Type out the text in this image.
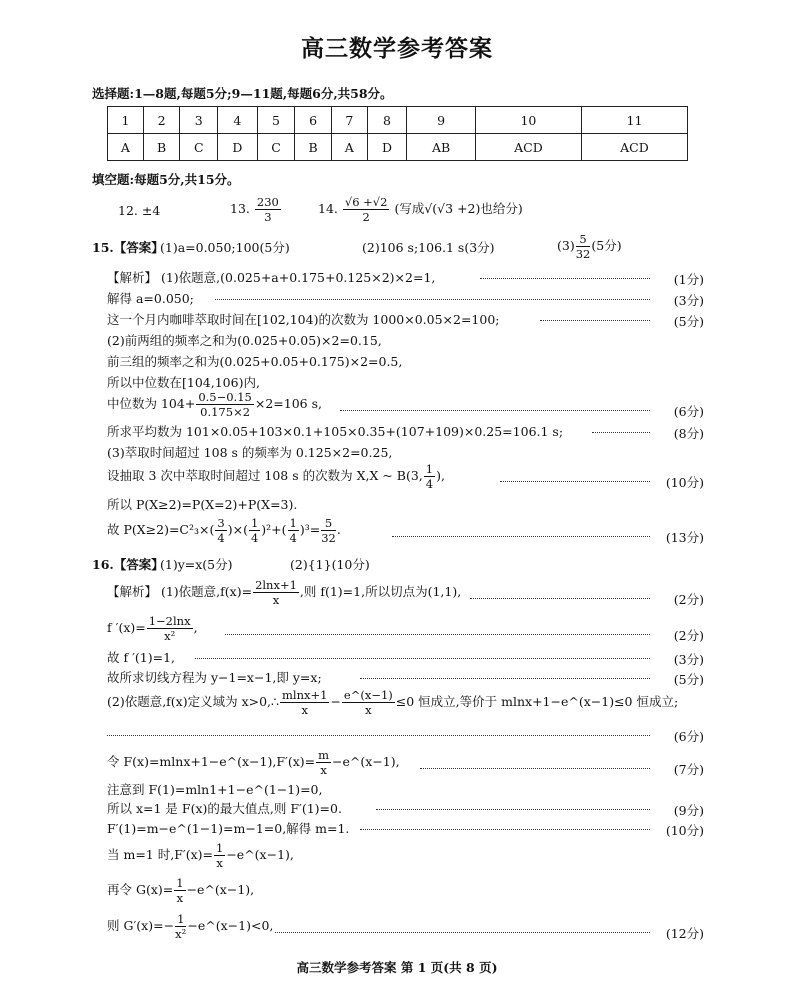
高三数学参考答案
选择题:1—8题,每题5分;9—11题,每题6分,共58分。
1	2	3	4	5	6	7	8	9	10	11
A	B	C	D	C	B	A	D	AB	ACD	ACD
填空题:每题5分,共15分。
12. ±4	13. $\frac{230}{3}$	14. $\frac{√6 +√2}{2}$ (写成√(√3 +2)也给分)
15.【答案】
(1)a=0.050;100(5分)	(2)106 s;106.1 s(3分)	$(3) \frac{5}{32} (5$分)
【解析】 (1)依题意,(0.025+a+0.175+0.125×2)×2=1,	(1分)
解得 a=0.050;	(3分)
这一个月内咖啡萃取时间在[102,104)的次数为 1000×0.05×2=100;	(5分)
(2)前两组的频率之和为(0.025+0.05)×2=0.15,
前三组的频率之和为(0.025+0.05+0.175)×2=0.5,
所以中位数在[104,106)内,
中位数为 $104+ \frac{0.5-0.15}{0.175\times 2} \times 2=106$ s,
(6分)
所求平均数为 101×0.05+103×0.1+105×0.35+(107+109)×0.25=106.1 s;	(8分)
(3)萃取时间超过 108 s 的频率为 0.125×2=0.25,
设抽取 3 次中萃取时间超过 108 s 的次数为 X,X ~ B(3, $\frac{1}{4}$ ),	(10分)
所以 P(X≥2)=P(X=2)+P(X=3).
故 $P(X\ge 2)=C^2_3\times( \frac{3}{4}$ )×( $\frac{1}{4} )^2+( \frac{1}{4} )^3= \frac{5}{32}$ .
(13分)
16.【答案】
(1)y=x(5分)	(2){1}(10分)
【解析】 (1)依题意$,f(x)= \frac{2\ln x+1}{x}$ ,则 f(1)=1,所以切点为(1,1),
(2分)
f $'(x)= \frac{1-2\ln x}{\text{x²}}$ ,
(2分)
故 f ′(1)=1,	(3分)
故所求切线方程为 y−1=x−1,即 y=x;	(5分)
(2)依题意,f(x)定义域为 x>0,∴ $\frac{mlnx+1}{x} - \frac{e\^{}(x-1)}{x} \le 0$ 恒成立,等价于 mlnx+1−e^(x−1)≤0 恒成立;
(6分)
令 F(x)=mlnx+1−e^(x−1),F′(x)= $\frac{m}{x}$ −e^(x−1),
(7分)
注意到 F(1)=mln1+1−e^(1−1)=0,
所以 x=1 是 F(x)的最大值点,则 F′(1)=0.	(9分)
F′(1)=m−e^(1−1)=m−1=0,解得 m=1.	(10分)
当 m=1 时$,F'(x)= \frac{1}{x}$ −e^(x−1),
再令 $G(x)= \frac{1}{x}$ −e^(x−1),
则 $G'(x)=- \frac{1}{\text{x²}}$ −e^(x−1)<0,
(12分)
高三数学参考答案 第 1 页(共 8 页)
